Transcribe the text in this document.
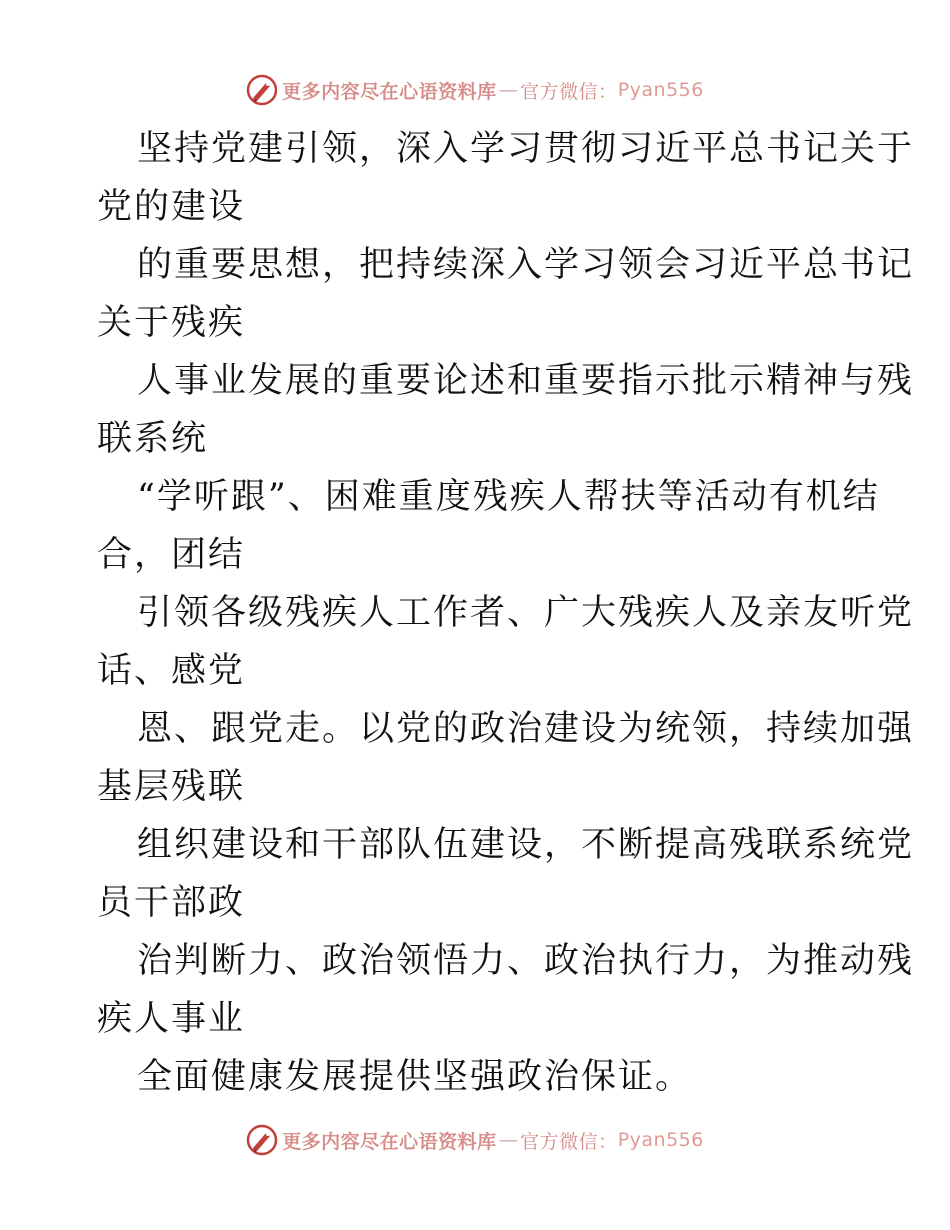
更多内容尽在心语资料库 — 官方微信： Pyan556

坚持党建引领，深入学习贯彻习近平总书记关于
党的建设

的重要思想，把持续深入学习领会习近平总书记
关于残疾

人事业发展的重要论述和重要指示批示精神与残
联系统

“学听跟”、困难重度残疾人帮扶等活动有机结
合，团结

引领各级残疾人工作者、广大残疾人及亲友听党
话、感党

恩、跟党走。以党的政治建设为统领，持续加强
基层残联

组织建设和干部队伍建设，不断提高残联系统党
员干部政

治判断力、政治领悟力、政治执行力，为推动残
疾人事业

全面健康发展提供坚强政治保证。

更多内容尽在心语资料库 — 官方微信： Pyan556
